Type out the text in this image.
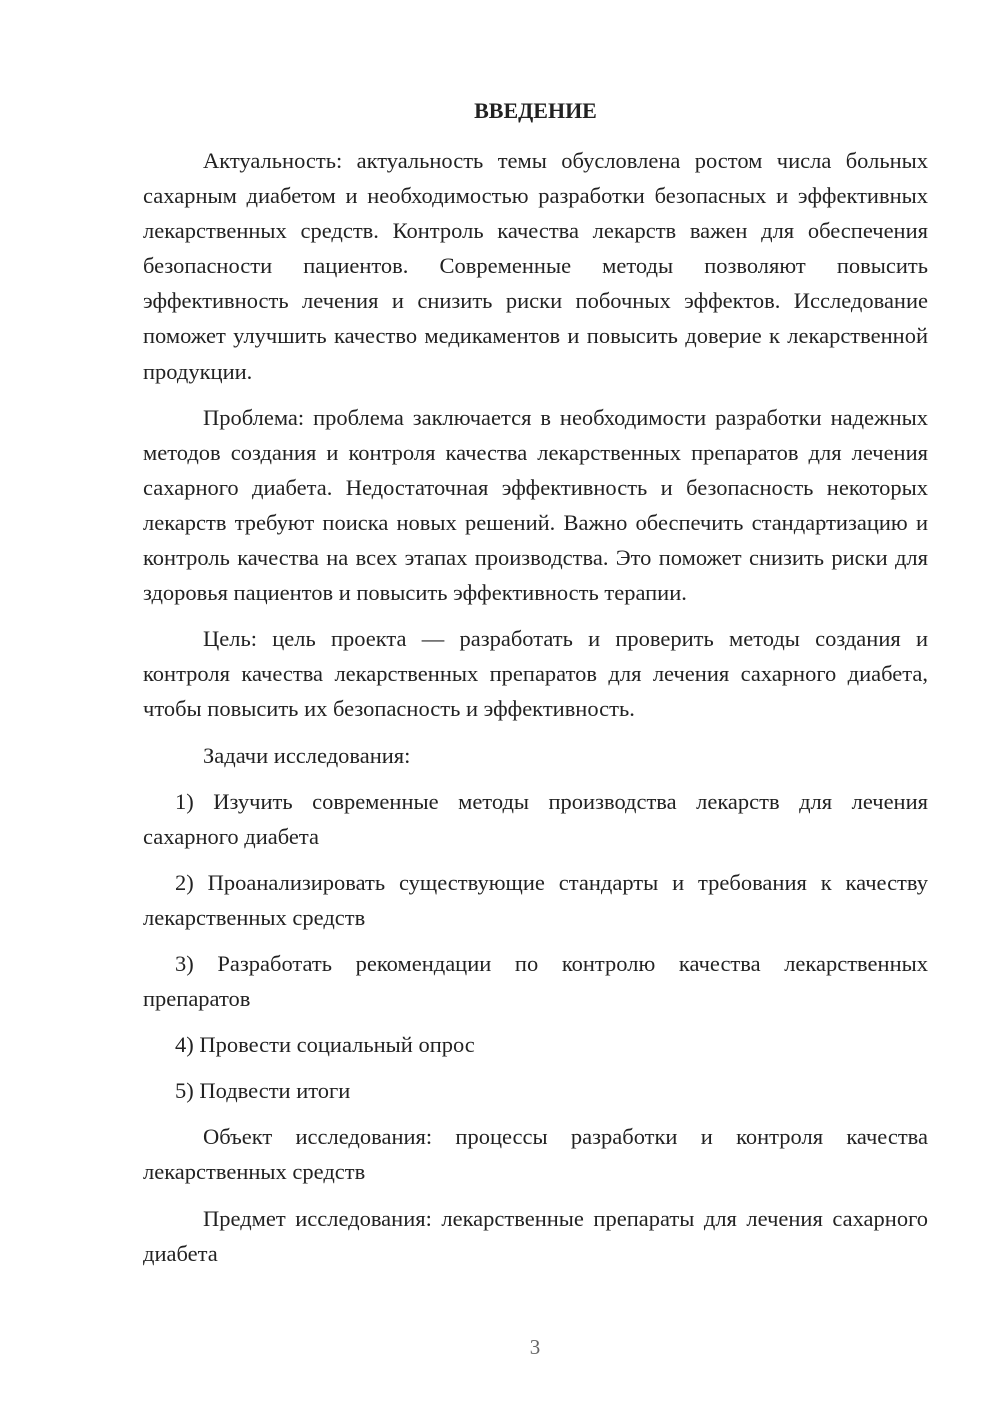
ВВЕДЕНИЕ

Актуальность: актуальность темы обусловлена ростом числа больных сахарным диабетом и необходимостью разработки безопасных и эффективных лекарственных средств. Контроль качества лекарств важен для обеспечения безопасности пациентов. Современные методы позволяют повысить эффективность лечения и снизить риски побочных эффектов. Исследование поможет улучшить качество медикаментов и повысить доверие к лекарственной продукции.

Проблема: проблема заключается в необходимости разработки надежных методов создания и контроля качества лекарственных препаратов для лечения сахарного диабета. Недостаточная эффективность и безопасность некоторых лекарств требуют поиска новых решений. Важно обеспечить стандартизацию и контроль качества на всех этапах производства. Это поможет снизить риски для здоровья пациентов и повысить эффективность терапии.

Цель: цель проекта — разработать и проверить методы создания и контроля качества лекарственных препаратов для лечения сахарного диабета, чтобы повысить их безопасность и эффективность.

Задачи исследования:

1) Изучить современные методы производства лекарств для лечения сахарного диабета

2) Проанализировать существующие стандарты и требования к качеству лекарственных средств

3) Разработать рекомендации по контролю качества лекарственных препаратов

4) Провести социальный опрос

5) Подвести итоги

Объект исследования: процессы разработки и контроля качества лекарственных средств

Предмет исследования: лекарственные препараты для лечения сахарного диабета

3
